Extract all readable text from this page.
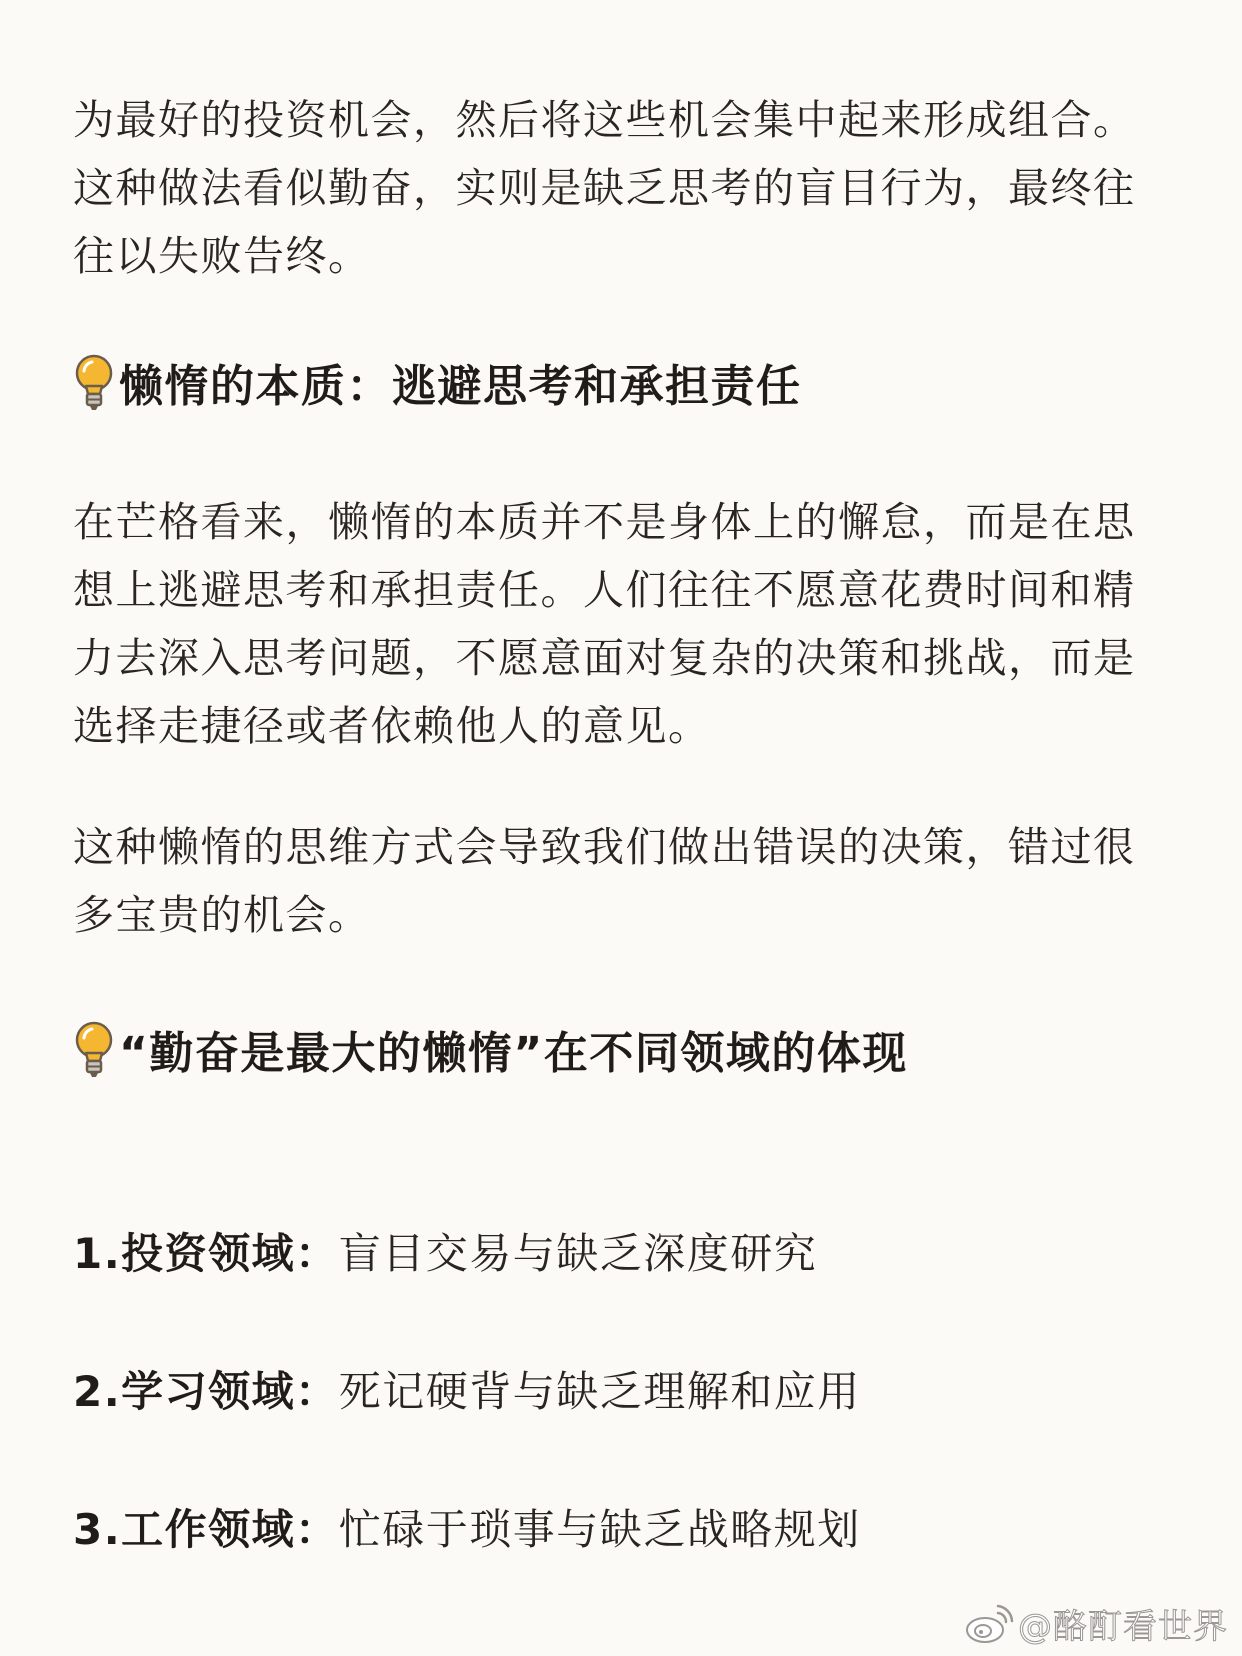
为最好的投资机会，然后将这些机会集中起来形成组合。这种做法看似勤奋，实则是缺乏思考的盲目行为，最终往往以失败告终。

懒惰的本质：逃避思考和承担责任

在芒格看来，懒惰的本质并不是身体上的懈怠，而是在思想上逃避思考和承担责任。人们往往不愿意花费时间和精力去深入思考问题，不愿意面对复杂的决策和挑战，而是选择走捷径或者依赖他人的意见。

这种懒惰的思维方式会导致我们做出错误的决策，错过很多宝贵的机会。

“勤奋是最大的懒惰”在不同领域的体现
1.投资领域： 盲目交易与缺乏深度研究
2.学习领域： 死记硬背与缺乏理解和应用
3.工作领域： 忙碌于琐事与缺乏战略规划
@酪酊看世界
